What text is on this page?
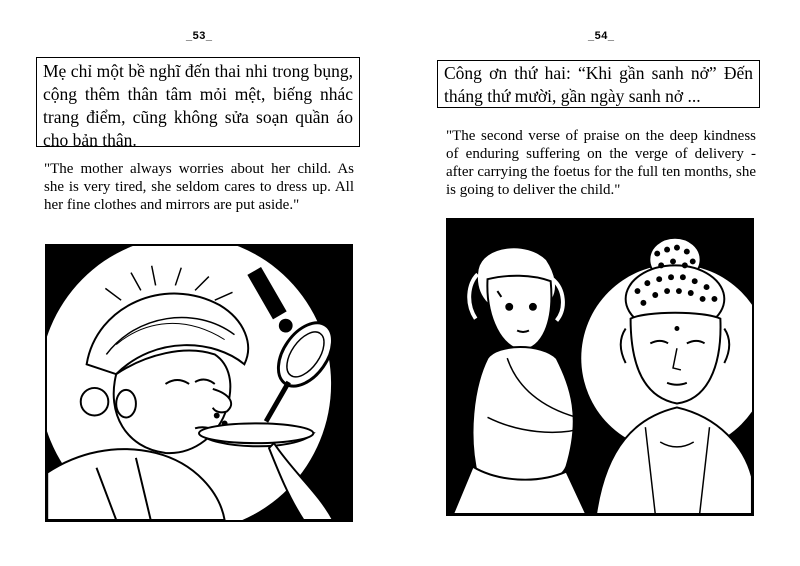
_53_
Mẹ chỉ một bề nghĩ đến thai nhi trong bụng, cộng thêm thân tâm mỏi mệt, biếng nhác trang điểm, cũng không sửa soạn quần áo cho bản thân.
"The mother always worries about her child. As she is very tired, she seldom cares to dress up. All her fine clothes and mirrors are put aside."
!
_54_
Công ơn thứ hai: “Khi gần sanh nở” Đến tháng thứ mười, gần ngày sanh nở ...
"The second verse of praise on the deep kindness of enduring suffering on the verge of delivery - after carrying the foetus for the full ten months, she is going to deliver the child."
